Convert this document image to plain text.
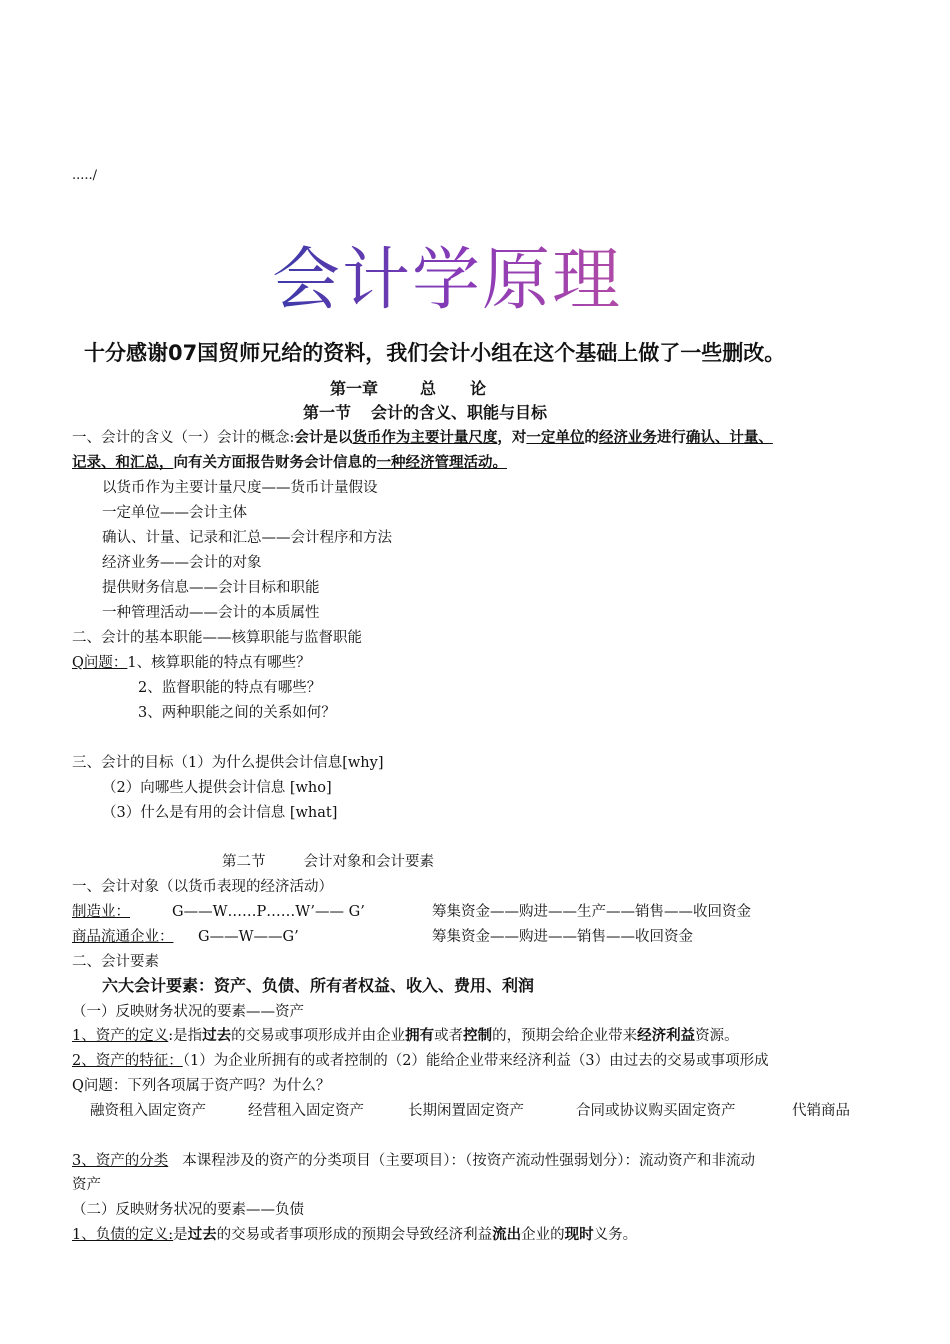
...../
会计学原理
十分感谢07国贸师兄给的资料，我们会计小组在这个基础上做了一些删改。
第一章	总 论
第一节 会计的含义、职能与目标
一、会计的含义（一）会计的概念:会计是以货币作为主要计量尺度，对一定单位的经济业务进行确认、计量、
记录、和汇总，向有关方面报告财务会计信息的一种经济管理活动。
以货币作为主要计量尺度——货币计量假设
一定单位——会计主体
确认、计量、记录和汇总——会计程序和方法
经济业务——会计的对象
提供财务信息——会计目标和职能
一种管理活动——会计的本质属性
二、会计的基本职能——核算职能与监督职能
Q问题：1、核算职能的特点有哪些？
2、监督职能的特点有哪些？
3、两种职能之间的关系如何？
三、会计的目标（1）为什么提供会计信息[why]
（2）向哪些人提供会计信息 [who]
（3）什么是有用的会计信息 [what]
第二节	会计对象和会计要素
一、会计对象（以货币表现的经济活动）
制造业：	G——W……P……W’—— G’	筹集资金——购进——生产——销售——收回资金
商品流通企业： G——W——G’	筹集资金——购进——销售——收回资金
二、会计要素
六大会计要素：资产、负债、所有者权益、收入、费用、利润
（一）反映财务状况的要素——资产
1、资产的定义:是指过去的交易或事项形成并由企业拥有或者控制的，预期会给企业带来经济利益资源。
2、资产的特征：（1）为企业所拥有的或者控制的（2）能给企业带来经济利益（3）由过去的交易或事项形成
Q问题：下列各项属于资产吗？为什么？
融资租入固定资产	经营租入固定资产	长期闲置固定资产	合同或协议购买固定资产	代销商品
3、资产的分类 本课程涉及的资产的分类项目（主要项目）：（按资产流动性强弱划分）：流动资产和非流动
资产
（二）反映财务状况的要素——负债
1、负债的定义:是过去的交易或者事项形成的预期会导致经济利益流出企业的现时义务。
